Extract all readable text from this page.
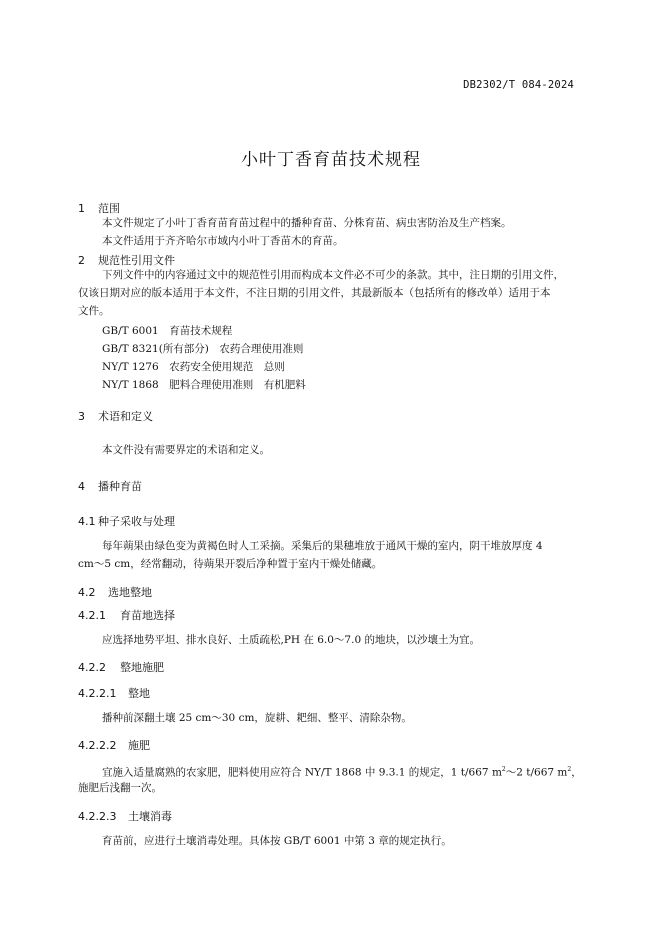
DB2302/T 084-2024
小叶丁香育苗技术规程
1 范围
本文件规定了小叶丁香育苗育苗过程中的播种育苗、分株育苗、病虫害防治及生产档案。
本文件适用于齐齐哈尔市域内小叶丁香苗木的育苗。
2 规范性引用文件
下列文件中的内容通过文中的规范性引用而构成本文件必不可少的条款。其中，注日期的引用文件，
仅该日期对应的版本适用于本文件，不注日期的引用文件，其最新版本（包括所有的修改单）适用于本
文件。
GB/T 6001　 育苗技术规程
GB/T 8321(所有部分)　 农药合理使用准则
NY/T 1276　 农药安全使用规范　总则
NY/T 1868　 肥料合理使用准则　有机肥料
3 术语和定义
本文件没有需要界定的术语和定义。
4 播种育苗
4.1 种子采收与处理
每年蒴果由绿色变为黄褐色时人工采摘。采集后的果穗堆放于通风干燥的室内，阴干堆放厚度 4
cm～5 cm，经常翻动，待蒴果开裂后净种置于室内干燥处储藏。
4.2 选地整地
4.2.1 育苗地选择
应选择地势平坦、排水良好、土质疏松,PH 在 6.0～7.0 的地块，以沙壤土为宜。
4.2.2 整地施肥
4.2.2.1 整地
播种前深翻土壤 25 cm～30 cm，旋耕、耙细、整平、清除杂物。
4.2.2.2 施肥
宜施入适量腐熟的农家肥，肥料使用应符合 NY/T 1868 中 9.3.1 的规定，1 t/667 $m^2\sim 2$ t/667 $m^2$，
施肥后浅翻一次。
4.2.2.3 土壤消毒
育苗前，应进行土壤消毒处理。具体按 GB/T 6001 中第 3 章的规定执行。
